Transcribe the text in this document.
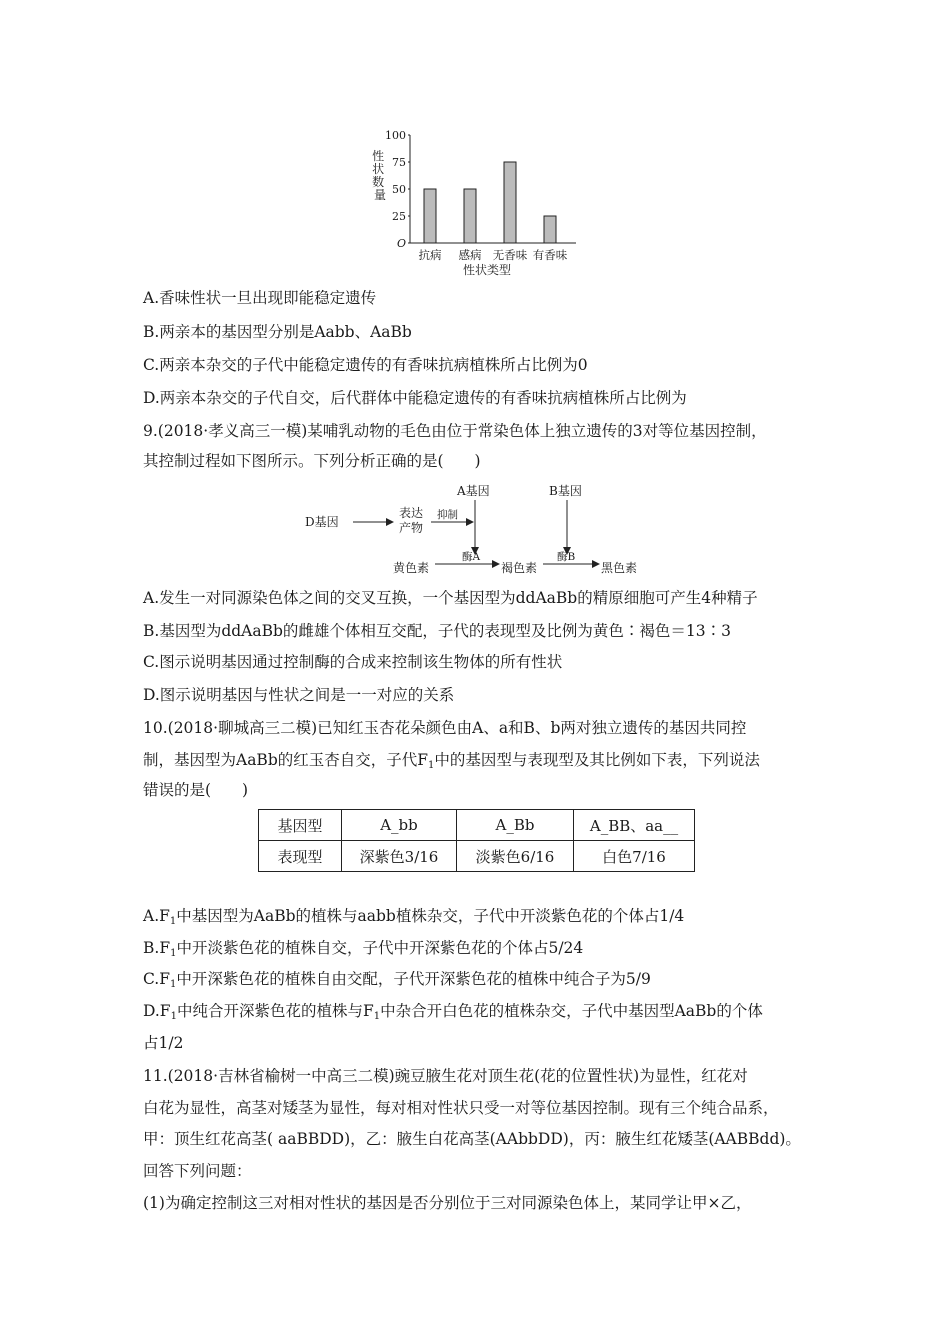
性 状 数 量
100
75
50
25
O
抗病 感病 无香味 有香味
性状类型
A.香味性状一旦出现即能稳定遗传
B.两亲本的基因型分别是Aabb、AaBb
C.两亲本杂交的子代中能稳定遗传的有香味抗病植株所占比例为0
D.两亲本杂交的子代自交，后代群体中能稳定遗传的有香味抗病植株所占比例为
9.(2018·孝义高三一模)某哺乳动物的毛色由位于常染色体上独立遗传的3对等位基因控制，
其控制过程如下图所示。下列分析正确的是(　　)
D基因
表达
产物
抑制
A基因	B基因
酶A	酶B
黄色素	褐色素	黑色素
A.发生一对同源染色体之间的交叉互换，一个基因型为ddAaBb的精原细胞可产生4种精子
B.基因型为ddAaBb的雌雄个体相互交配，子代的表现型及比例为黄色∶褐色＝13∶3
C.图示说明基因通过控制酶的合成来控制该生物体的所有性状
D.图示说明基因与性状之间是一一对应的关系
10.(2018·聊城高三二模)已知红玉杏花朵颜色由A、a和B、b两对独立遗传的基因共同控
制，基因型为AaBb的红玉杏自交，子代$F_1$中的基因型与表现型及其比例如下表，下列说法
错误的是(　　)
基因型	A_bb	A_Bb	A_BB、aa__
表现型	深紫色3/16	淡紫色6/16	白色7/16
$A.F_1$中基因型为AaBb的植株与aabb植株杂交，子代中开淡紫色花的个体占1/4
$B.F_1$中开淡紫色花的植株自交，子代中开深紫色花的个体占5/24
$C.F_1$中开深紫色花的植株自由交配，子代开深紫色花的植株中纯合子为5/9
$D.F_1$中纯合开深紫色花的植株与$F_1$中杂合开白色花的植株杂交，子代中基因型AaBb的个体
占1/2
11.(2018·吉林省榆树一中高三二模)豌豆腋生花对顶生花(花的位置性状)为显性，红花对
白花为显性，高茎对矮茎为显性，每对相对性状只受一对等位基因控制。现有三个纯合品系，
甲：顶生红花高茎( aaBBDD)，乙：腋生白花高茎(AAbbDD)，丙：腋生红花矮茎(AABBdd)。
回答下列问题：
(1)为确定控制这三对相对性状的基因是否分别位于三对同源染色体上，某同学让甲×乙，
